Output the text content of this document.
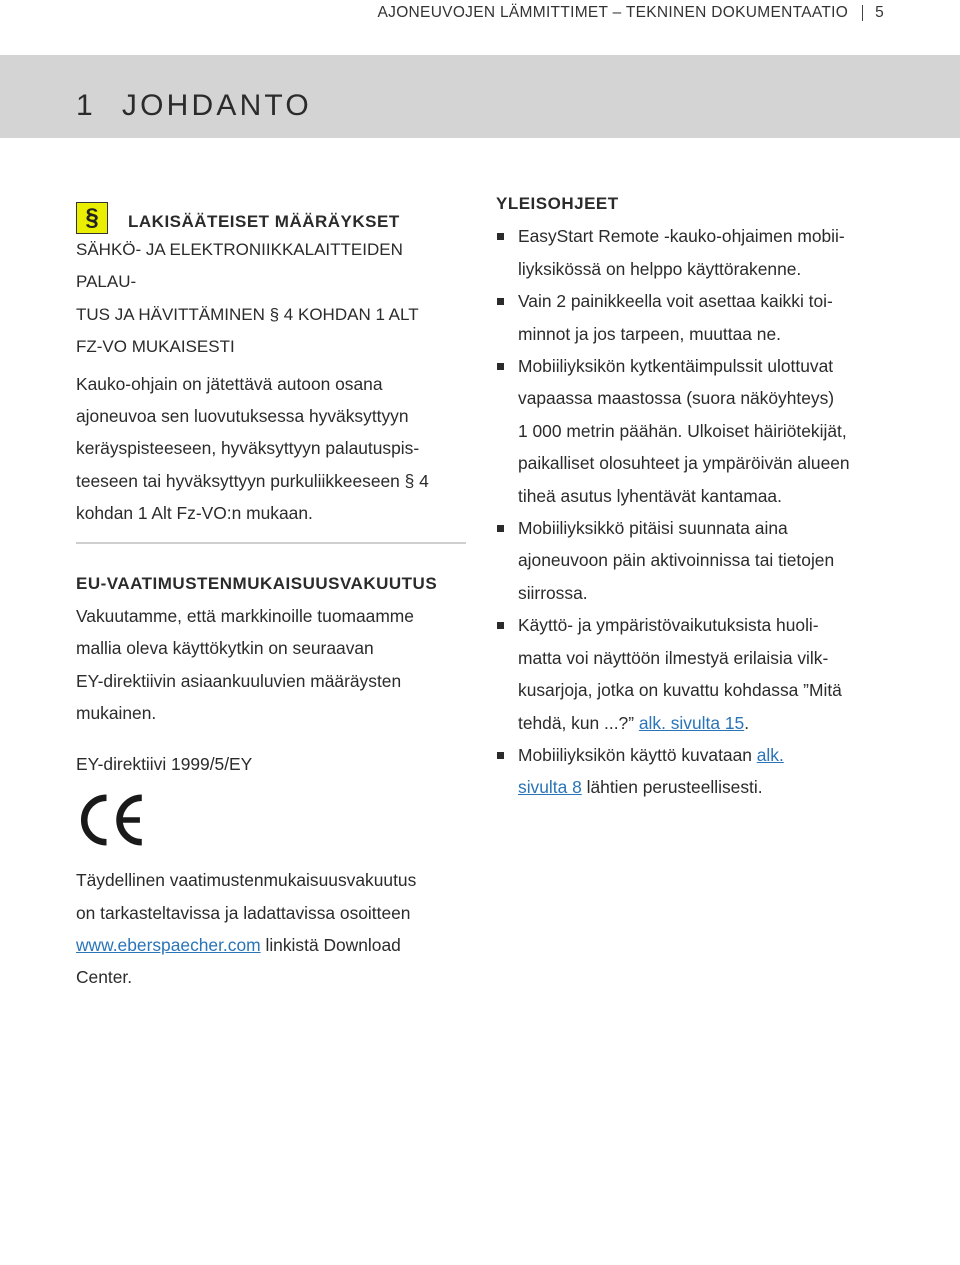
AJONEUVOJEN LÄMMITTIMET – TEKNINEN DOKUMENTAATIO 5
1 JOHDANTO
§	LAKISÄÄTEISET MÄÄRÄYKSET
SÄHKÖ- JA ELEKTRONIIKKALAITTEIDEN PALAU-
TUS JA HÄVITTÄMINEN § 4 KOHDAN 1 ALT
FZ-VO MUKAISESTI
Kauko-ohjain on jätettävä autoon osana
ajoneuvoa sen luovutuksessa hyväksyttyyn
keräyspisteeseen, hyväksyttyyn palautuspis-
teeseen tai hyväksyttyyn purkuliikkeeseen § 4
kohdan 1 Alt Fz-VO:n mukaan.
EU-VAATIMUSTENMUKAISUUSVAKUUTUS
Vakuutamme, että markkinoille tuomaamme
mallia oleva käyttökytkin on seuraavan
EY-direktiivin asiaankuuluvien määräysten
mukainen.
EY-direktiivi 1999/5/EY
Täydellinen vaatimustenmukaisuusvakuutus
on tarkasteltavissa ja ladattavissa osoitteen
www.eberspaecher.com linkistä Download
Center.
YLEISOHJEET
EasyStart Remote -kauko-ohjaimen mobii-
liyksikössä on helppo käyttörakenne.
Vain 2 painikkeella voit asettaa kaikki toi-
minnot ja jos tarpeen, muuttaa ne.
Mobiiliyksikön kytkentäimpulssit ulottuvat
vapaassa maastossa (suora näköyhteys)
1 000 metrin päähän. Ulkoiset häiriötekijät,
paikalliset olosuhteet ja ympäröivän alueen
tiheä asutus lyhentävät kantamaa.
Mobiiliyksikkö pitäisi suunnata aina
ajoneuvoon päin aktivoinnissa tai tietojen
siirrossa.
Käyttö- ja ympäristövaikutuksista huoli-
matta voi näyttöön ilmestyä erilaisia vilk-
kusarjoja, jotka on kuvattu kohdassa ”Mitä
tehdä, kun ...?” alk. sivulta 15.
Mobiiliyksikön käyttö kuvataan alk.
sivulta 8 lähtien perusteellisesti.
